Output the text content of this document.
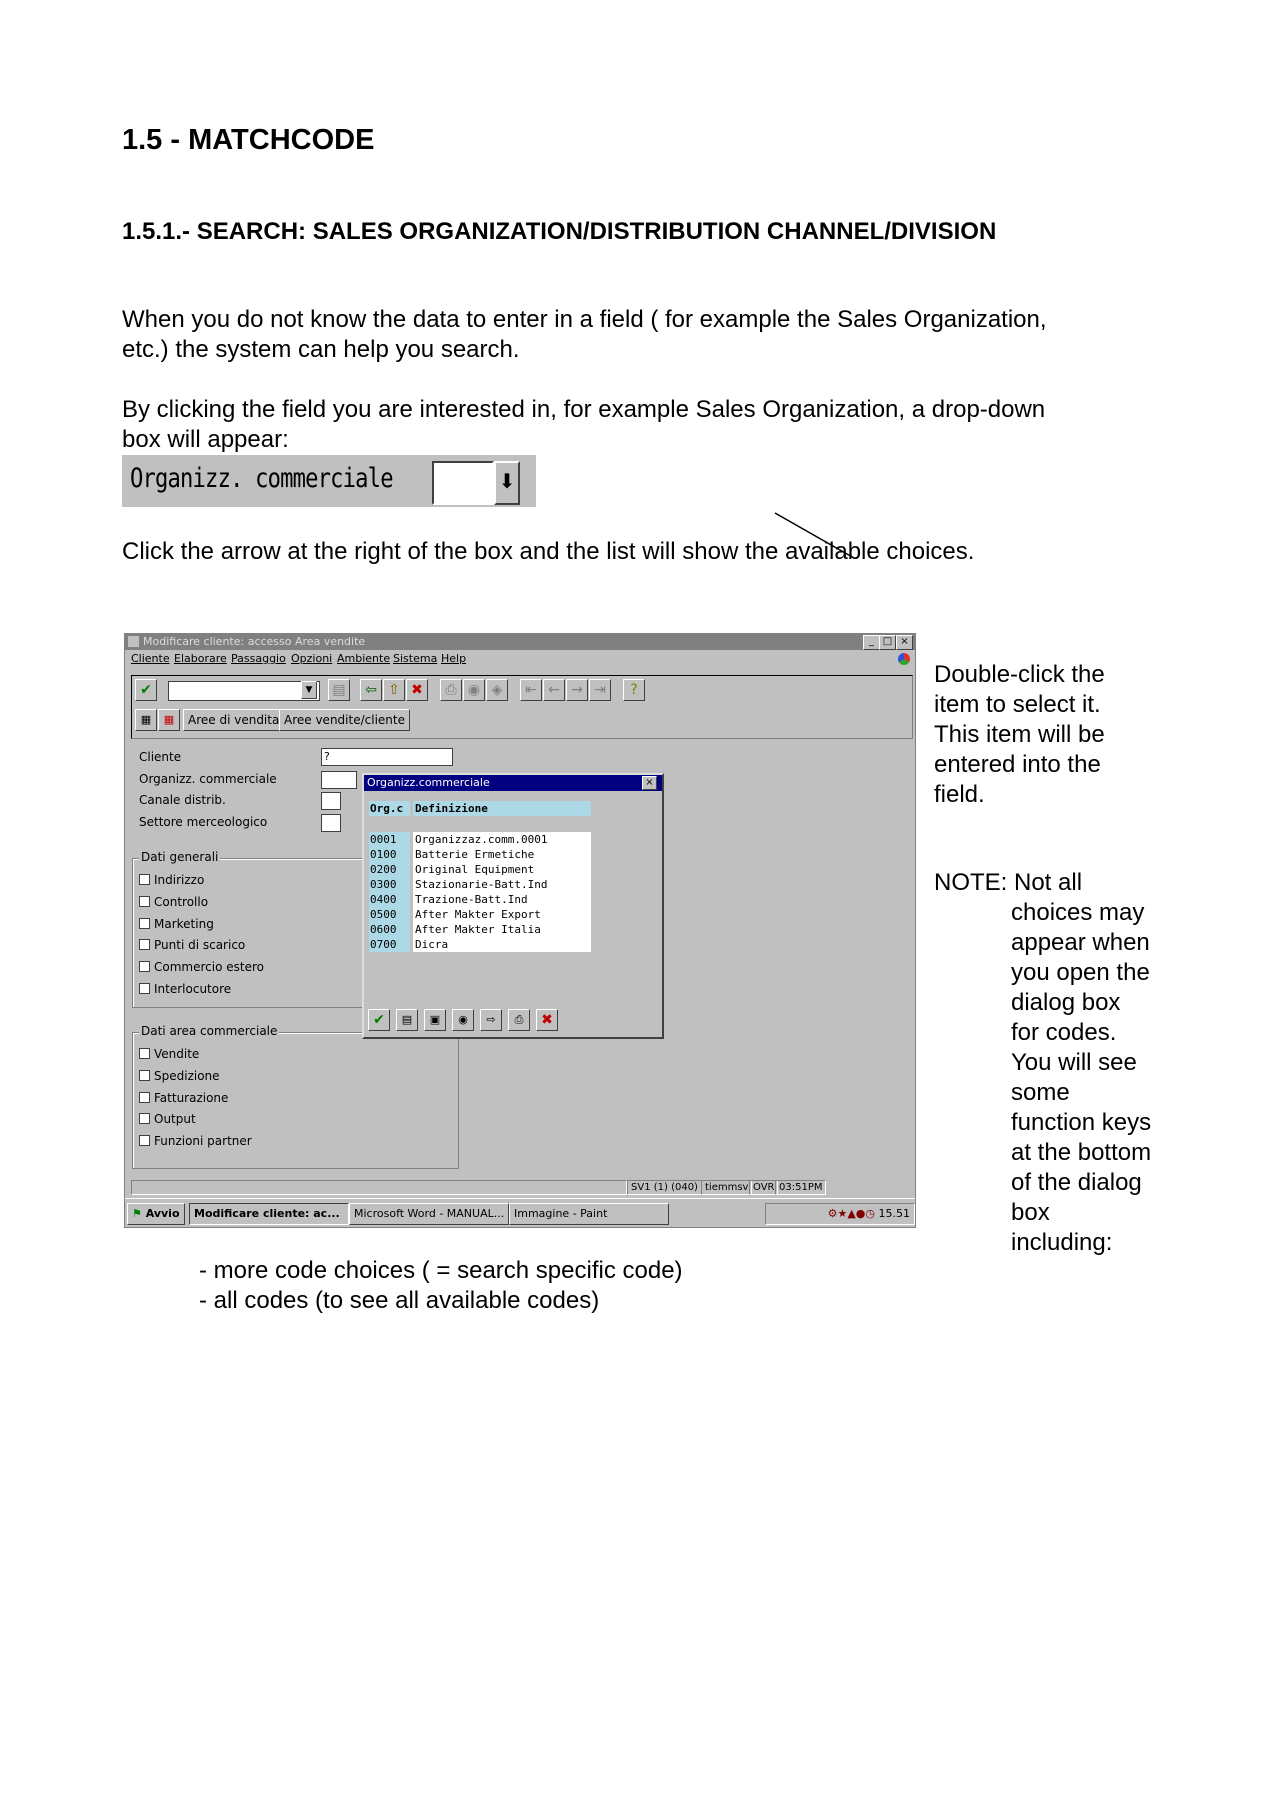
1.5 - MATCHCODE
1.5.1.- SEARCH: SALES ORGANIZATION/DISTRIBUTION CHANNEL/DIVISION
When you do not know the data to enter in a field ( for example the Sales Organization,
etc.) the system can help you search.
By clicking the field you are interested in, for example Sales Organization, a drop-down
box will appear:
Organizz. commerciale	⬇
Click the arrow at the right of the box and the list will show the available choices.
Modificare cliente: accesso Area vendite	_ □ ×
Cliente Elaborare Passaggio Opzioni Ambiente Sistema Help
✔	▼	▤	⇦ ⇧ ✖	⎙ ◉ ◈	⇤ ← → ⇥	?
▦	▦	Aree di vendita Aree vendite/cliente
Cliente
Organizz. commerciale
Canale distrib.
Settore merceologico
?
Dati generali
Indirizzo
Controllo
Marketing
Punti di scarico
Commercio estero
Interlocutore
Dati area commerciale
Vendite
Spedizione
Fatturazione
Output
Funzioni partner
Organizz.commerciale	×
Org.c	Definizione
0001	Organizzaz.comm.0001
0100	Batterie Ermetiche
0200	Original Equipment
0300	Stazionarie-Batt.Ind
0400	Trazione-Batt.Ind
0500	After Makter Export
0600	After Makter Italia
0700	Dicra
✔	▤	▣	◉	⇨	⎙	✖
SV1 (1) (040) tiemmsv OVR 03:51PM
⚑ Avvio	Modificare cliente: ac...	Microsoft Word - MANUAL... Immagine - Paint	⚙★▲●◷ 15.51
Double-click the
item to select it.
This item will be
entered into the
field.
NOTE: Not all
choices may
appear when
you open the
dialog box
for codes.
You will see
some
function keys
at the bottom
of the dialog
box
including:
- more code choices ( = search specific code)
- all codes (to see all available codes)
